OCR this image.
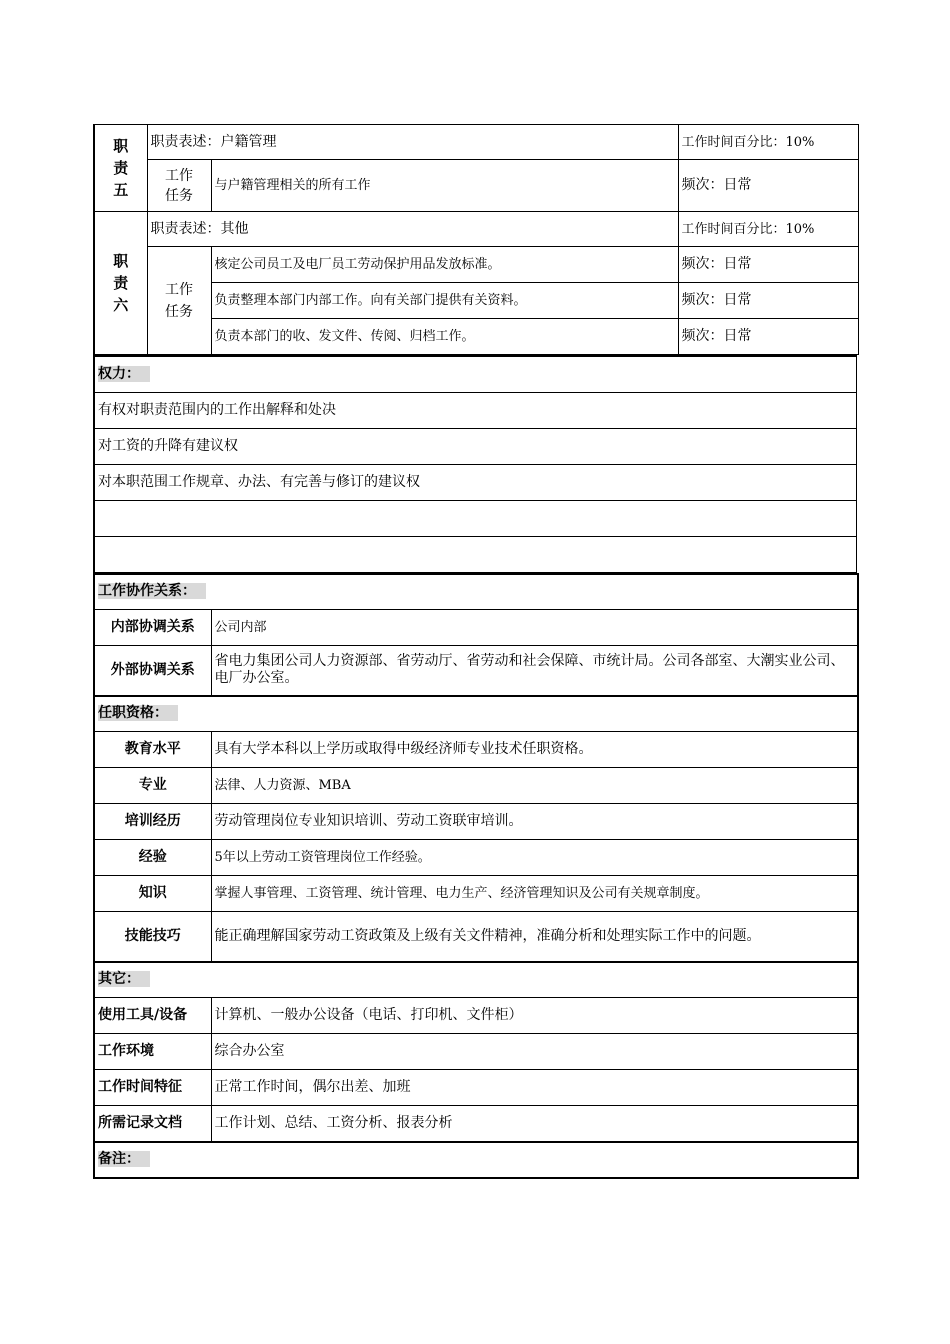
职
责
五	职责表述：户籍管理		工作时间百分比：10%
	工作
任务	与户籍管理相关的所有工作	频次：日常
职
责
六	职责表述：其他		工作时间百分比：10%
	工作
任务	核定公司员工及电厂员工劳动保护用品发放标准。	频次：日常
		负责整理本部门内部工作。向有关部门提供有关资料。	频次：日常
		负责本部门的收、发文件、传阅、归档工作。	频次：日常
权力：
有权对职责范围内的工作出解释和处决
对工资的升降有建议权
对本职范围工作规章、办法、有完善与修订的建议权

工作协作关系：	
内部协调关系	公司内部
外部协调关系	省电力集团公司人力资源部、省劳动厅、省劳动和社会保障、市统计局。公司各部室、大潮实业公司、电厂办公室。
任职资格：	
教育水平	具有大学本科以上学历或取得中级经济师专业技术任职资格。
专业	法律、人力资源、MBA
培训经历	劳动管理岗位专业知识培训、劳动工资联审培训。
经验	5年以上劳动工资管理岗位工作经验。
知识	掌握人事管理、工资管理、统计管理、电力生产、经济管理知识及公司有关规章制度。
技能技巧	能正确理解国家劳动工资政策及上级有关文件精神，准确分析和处理实际工作中的问题。
其它：	
使用工具/设备	计算机、一般办公设备（电话、打印机、文件柜）
工作环境	综合办公室
工作时间特征	正常工作时间，偶尔出差、加班
所需记录文档	工作计划、总结、工资分析、报表分析
备注：	
